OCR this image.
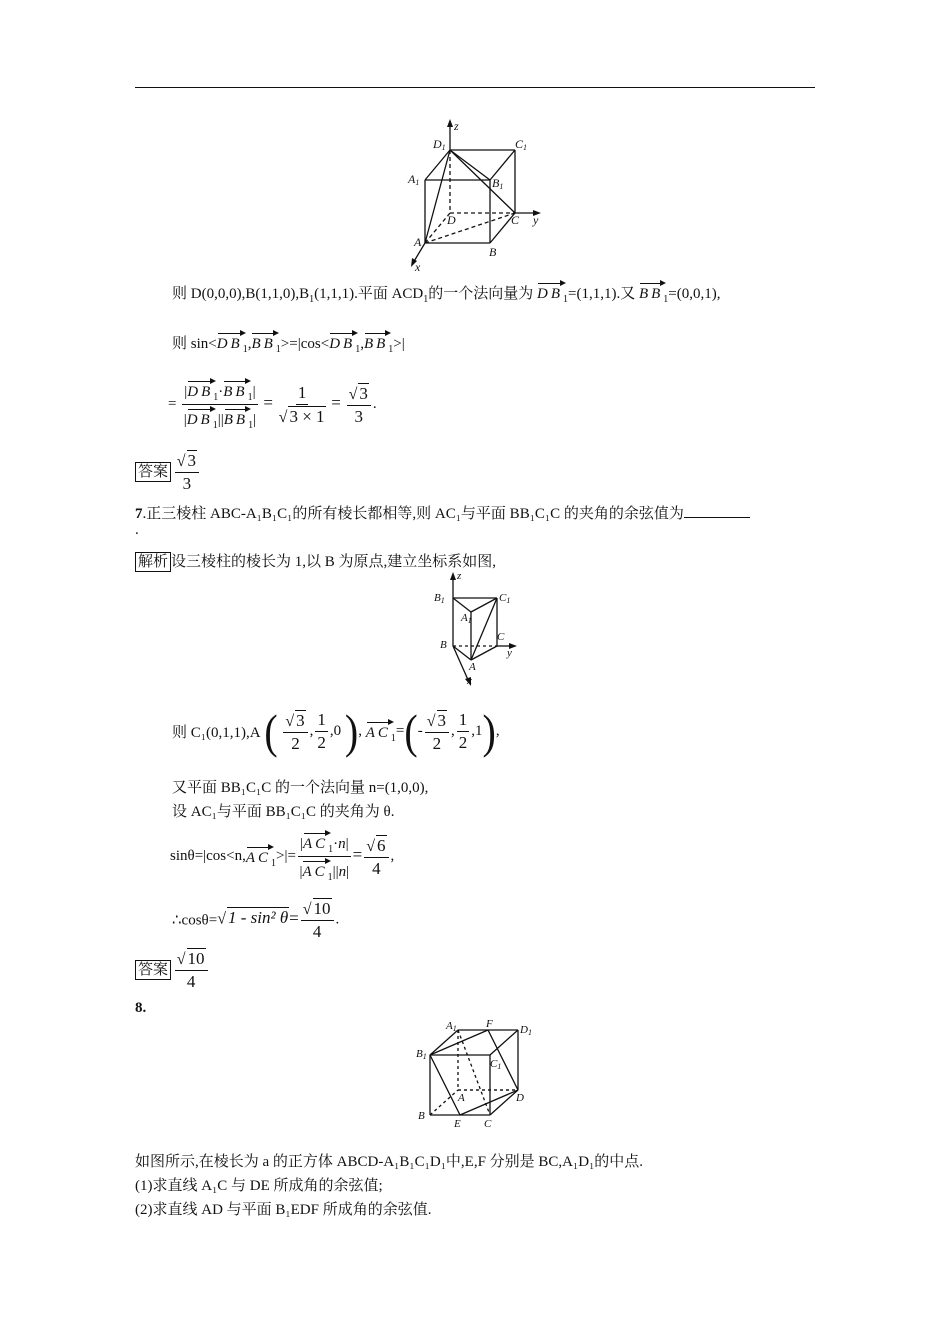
z
D1	C1
A1	B1
D	C y
A
B
x
则 $D(0,0,0),B(1,1,0),B_1(1,1,1)$.平面 $ACD_1$的一个法向量为 $DB_1=(1,1,1)$.又 $BB_1=(0,0,1)$,
则 $\sin<DB_1,BB_1>=|\cos<DB_1,BB_1>|$
= $\frac{|DB_1\cdot BB_1|}{|DB_1||BB_1|} = \frac{1}{√ 3 \times 1} = \frac{√ 3}{3}$ .
答案 $\frac{√ 3}{3}$
7.正三棱柱 ABC-A₁B₁C₁的所有棱长都相等,则 AC₁与平面 BB₁C₁C 的夹角的余弦值为
.
解析 设三棱柱的棱长为 1,以 B 为原点,建立坐标系如图,
z
B1	C1
A1
B
C
y
A
x
则 C₁(0,1,1),A ( $\frac{√ 3}{2}$ , $\frac{1}{2} ,0$ ), $AC_1=(- \frac{√ 3}{2}$ , $\frac{1}{2} ,1$),
又平面 BB₁C₁C 的一个法向量 n=(1,0,0),
设 AC₁与平面 BB₁C₁C 的夹角为 θ.
$\sin\theta=|\cos<n,AC_1>|= \frac{|AC_1\cdot n|}{|AC_1||n|} = \frac{√ 6}{4}$ ,
∴cosθ=√ 1 - sin² $\theta= \frac{√ 10}{4}$ .
答案 $\frac{√ 10}{4}$
8.
A1	F D1
B1
C1
A	D
B
E C
如图所示,在棱长为 a 的正方体 ABCD-A₁B₁C₁D₁中,E,F 分别是 BC,A₁D₁的中点.
(1)求直线 A₁C 与 DE 所成角的余弦值;
(2)求直线 AD 与平面 B₁EDF 所成角的余弦值.
